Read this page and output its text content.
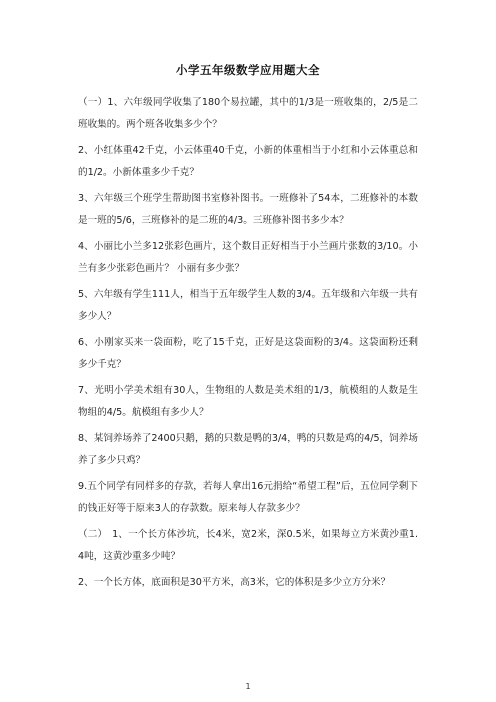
小学五年级数学应用题大全

（一）1、六年级同学收集了180个易拉罐，其中的1/3是一班收集的，2/5是二班收集的。两个班各收集多少个？

2、小红体重42千克，小云体重40千克，小新的体重相当于小红和小云体重总和的1/2。小新体重多少千克？

3、六年级三个班学生帮助图书室修补图书。一班修补了54本，二班修补的本数是一班的5/6，三班修补的是二班的4/3。三班修补图书多少本？

4、小丽比小兰多12张彩色画片，这个数目正好相当于小兰画片张数的3/10。小兰有多少张彩色画片？ 小丽有多少张？

5、六年级有学生111人，相当于五年级学生人数的3/4。五年级和六年级一共有多少人？

6、小刚家买来一袋面粉，吃了15千克，正好是这袋面粉的3/4。这袋面粉还剩多少千克？

7、光明小学美术组有30人，生物组的人数是美术组的1/3，航模组的人数是生物组的4/5。航模组有多少人？

8、某饲养场养了2400只鹅，鹅的只数是鸭的3/4，鸭的只数是鸡的4/5，饲养场养了多少只鸡？

9.五个同学有同样多的存款，若每人拿出16元捐给“希望工程”后，五位同学剩下的钱正好等于原来3人的存款数。原来每人存款多少？

（二）　1、一个长方体沙坑，长4米，宽2米，深0.5米，如果每立方米黄沙重1.4吨，这黄沙重多少吨？

2、一个长方体，底面积是30平方米，高3米，它的体积是多少立方分米？

1
